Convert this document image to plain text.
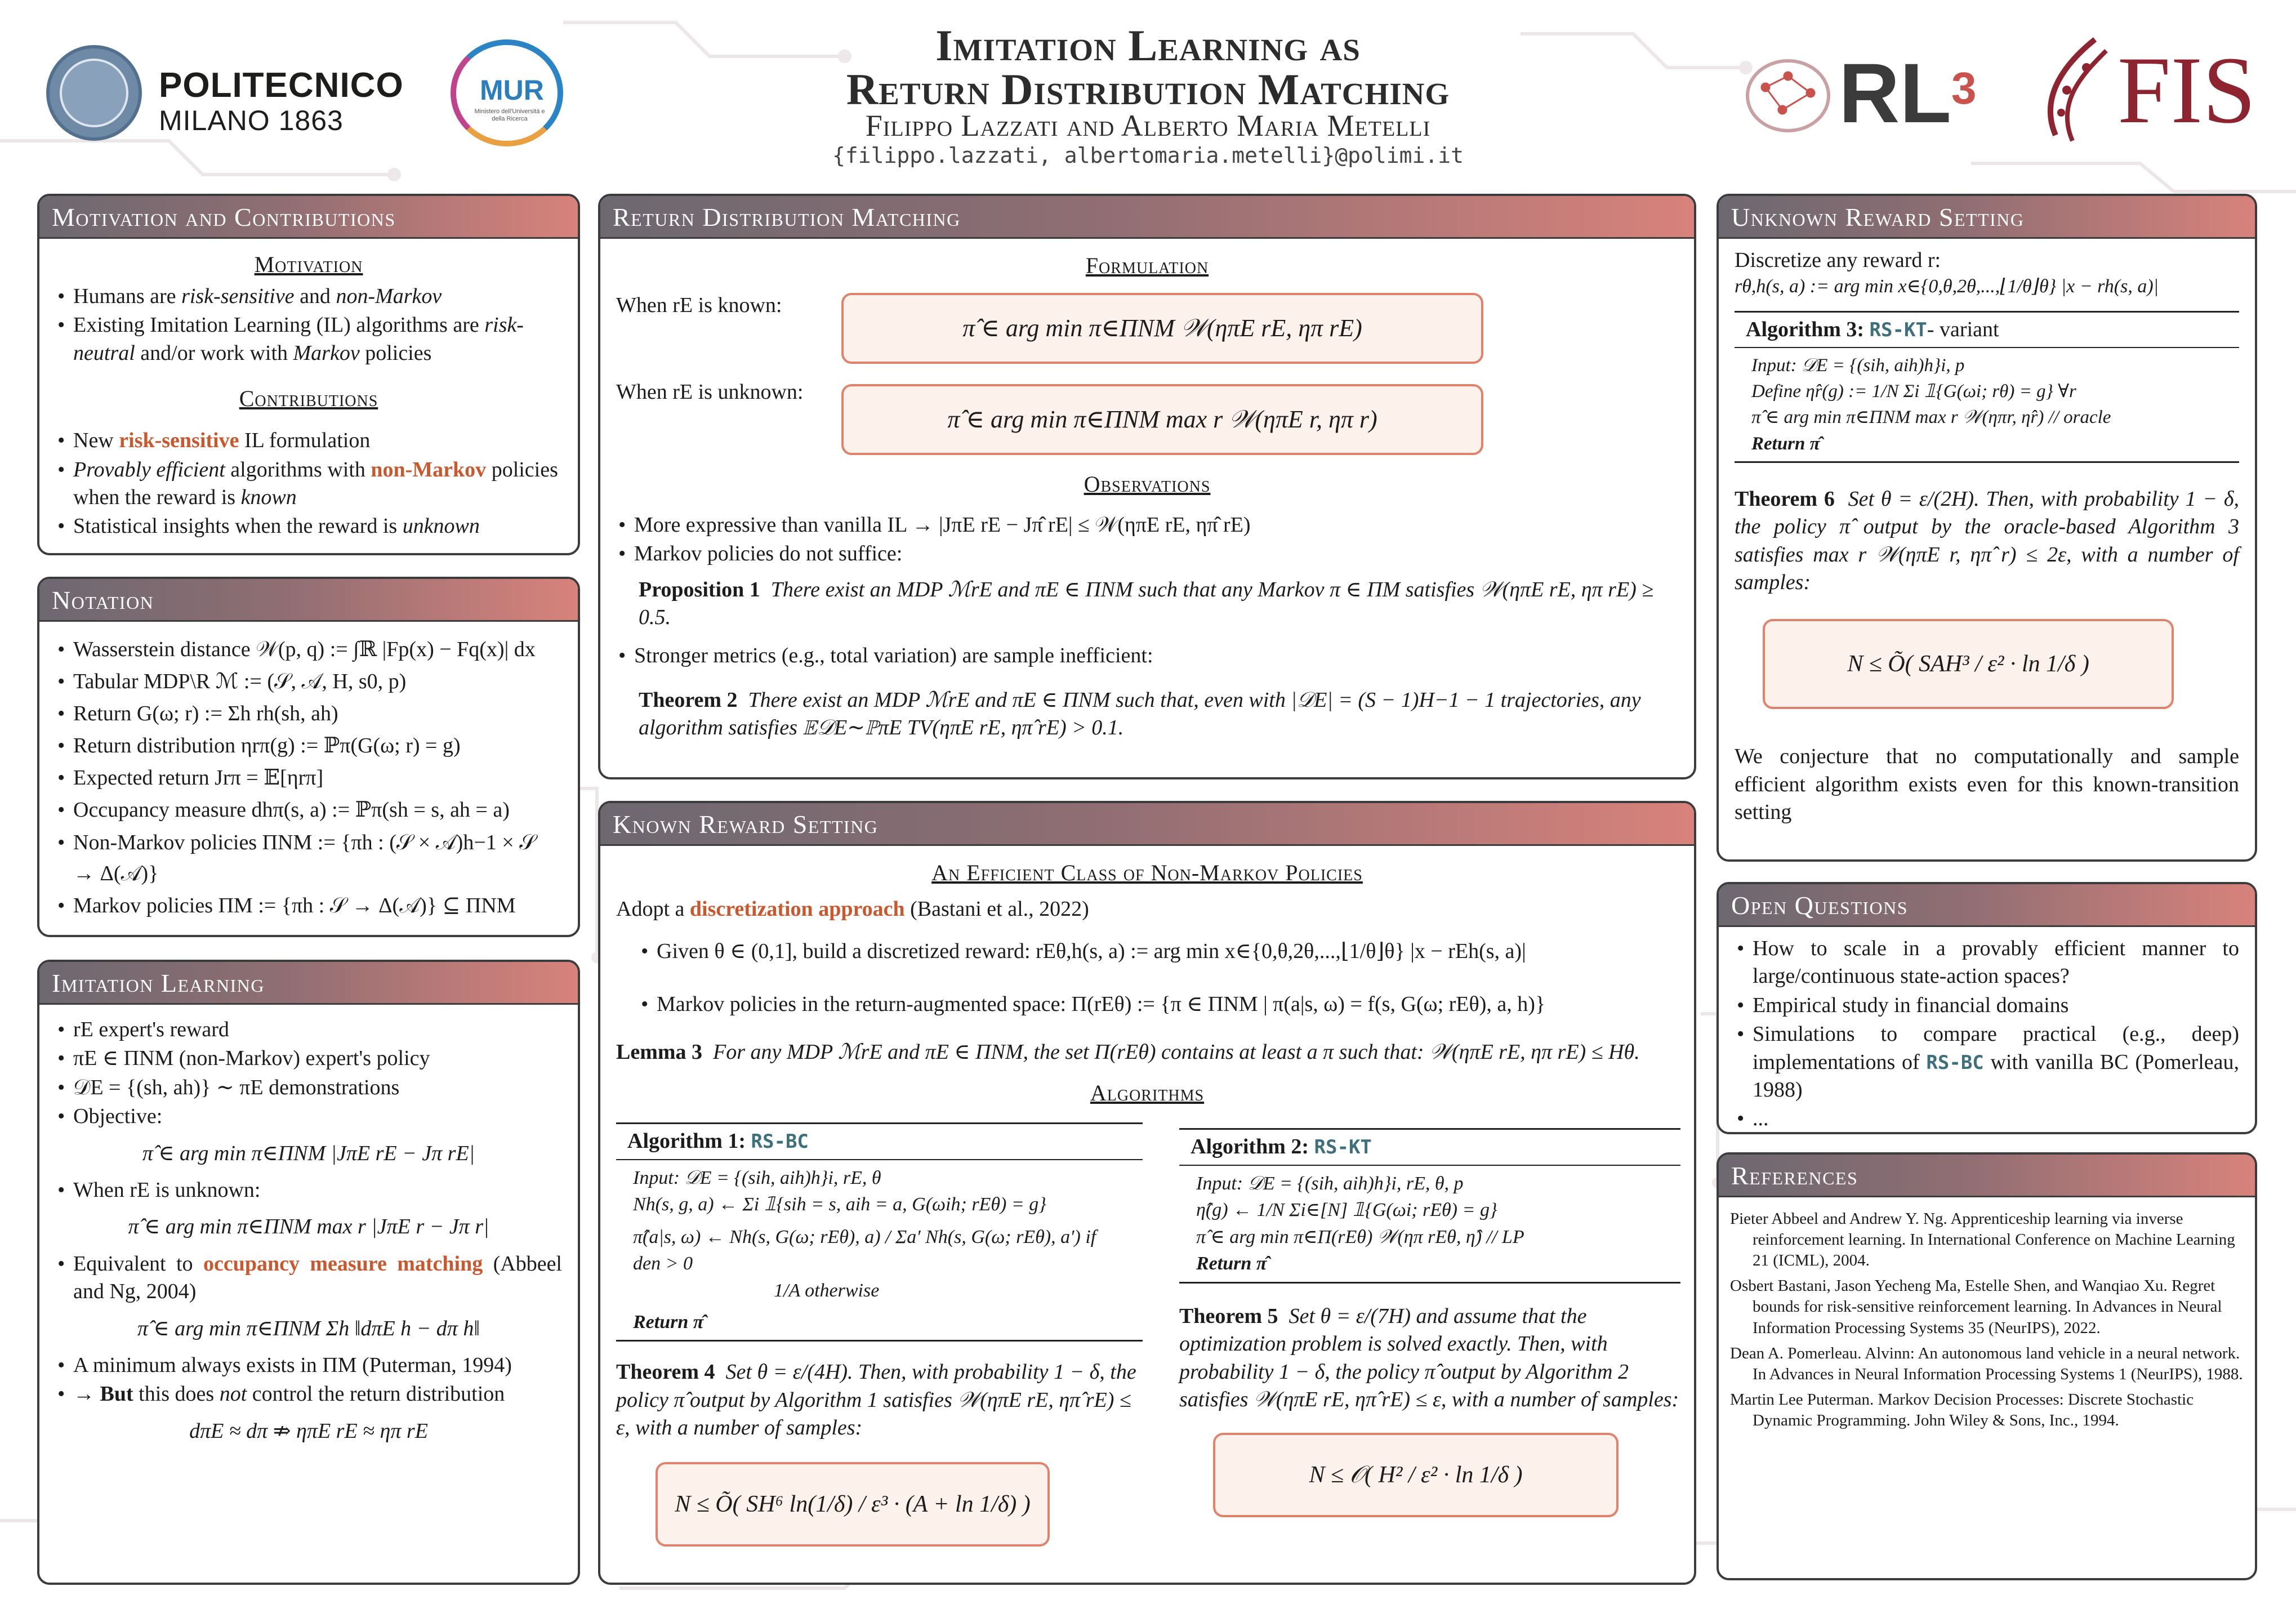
POLITECNICO
MILANO 1863
MUR
Ministero dell'Università e della Ricerca
Imitation Learning as
Return Distribution Matching
Filippo Lazzati and Alberto Maria Metelli
{filippo.lazzati, albertomaria.metelli}@polimi.it
$RL^3$ FIS
Motivation and Contributions
Motivation
• Humans are risk-sensitive and non-Markov
• Existing Imitation Learning (IL) algorithms are risk-neutral and/or work with Markov policies
Contributions
• New risk-sensitive IL formulation
• Provably efficient algorithms with non-Markov policies when the reward is known
• Statistical insights when the reward is unknown
Notation
• Wasserstein distance 𝒲(p, q) := ∫ℝ |Fp(x) − Fq(x)| dx
• Tabular MDP\R ℳ := (𝒮, 𝒜, H, s0, p)
• Return G(ω; r) := Σh rh(sh, ah)
• Return distribution ηrπ(g) := ℙπ(G(ω; r) = g)
• Expected return Jrπ = 𝔼[ηrπ]
• Occupancy measure dhπ(s, a) := ℙπ(sh = s, ah = a)
• Non-Markov policies ΠNM := {πh : (𝒮 × 𝒜)h−1 × 𝒮 → Δ(𝒜)}
• Markov policies ΠM := {πh : 𝒮 → Δ(𝒜)} ⊆ ΠNM
Imitation Learning
• rE expert's reward
• πE ∈ ΠNM (non-Markov) expert's policy
• 𝒟E = {(sh, ah)} ∼ πE demonstrations
• Objective:
π̂ ∈ arg min π∈ΠNM |JπE rE − Jπ rE|
• When rE is unknown:
π̂ ∈ arg min π∈ΠNM max r |JπE r − Jπ r|
• Equivalent to occupancy measure matching (Abbeel and Ng, 2004)
π̂ ∈ arg min π∈ΠNM Σh ‖dπE h − dπ h‖
• A minimum always exists in ΠM (Puterman, 1994)
• → But this does not control the return distribution
dπE ≈ dπ ⇏ ηπE rE ≈ ηπ rE
Return Distribution Matching
Formulation
When rE is known:
π̂ ∈ arg min π∈ΠNM 𝒲(ηπE rE, ηπ rE)
When rE is unknown:
π̂ ∈ arg min π∈ΠNM max r 𝒲(ηπE r, ηπ r)
Observations
• More expressive than vanilla IL → |JπE rE − Jπ̂ rE| ≤ 𝒲(ηπE rE, ηπ̂ rE)
• Markov policies do not suffice:
Proposition 1 There exist an MDP ℳrE and πE ∈ ΠNM such that any Markov π ∈ ΠM satisfies 𝒲(ηπE rE, ηπ rE) ≥ 0.5.
• Stronger metrics (e.g., total variation) are sample inefficient:
Theorem 2 There exist an MDP ℳrE and πE ∈ ΠNM such that, even with |𝒟E| = (S − 1)H−1 − 1 trajectories, any algorithm satisfies 𝔼𝒟E∼ℙπE TV(ηπE rE, ηπ̂ rE) > 0.1.
Known Reward Setting
An Efficient Class of Non-Markov Policies
Adopt a discretization approach (Bastani et al., 2022)
• Given θ ∈ (0,1], build a discretized reward: rEθ,h(s, a) := arg min x∈{0,θ,2θ,...,⌊1/θ⌋θ} |x − rEh(s, a)|
• Markov policies in the return-augmented space: Π(rEθ) := {π ∈ ΠNM | π(a|s, ω) = f(s, G(ω; rEθ), a, h)}
Lemma 3 For any MDP ℳrE and πE ∈ ΠNM, the set Π(rEθ) contains at least a π such that: 𝒲(ηπE rE, ηπ rE) ≤ Hθ.
Algorithms
Algorithm 1: RS-BC
Input: 𝒟E = {(sih, aih)h}i, rE, θ
Nh(s, g, a) ← Σi 𝟙{sih = s, aih = a, G(ωih; rEθ) = g}
π̂(a|s, ω) ← Nh(s, G(ω; rEθ), a) / Σa′ Nh(s, G(ω; rEθ), a′) if den > 0
1/A otherwise
Return π̂
Theorem 4 Set θ = ε/(4H). Then, with probability 1 − δ, the policy π̂ output by Algorithm 1 satisfies 𝒲(ηπE rE, ηπ̂ rE) ≤ ε, with a number of samples:
N ≤ Õ( SH⁶ ln(1/δ) / ε³ · (A + ln 1/δ) )
Algorithm 2: RS-KT
Input: 𝒟E = {(sih, aih)h}i, rE, θ, p
η̂(g) ← 1/N Σi∈[N] 𝟙{G(ωi; rEθ) = g}
π̂ ∈ arg min π∈Π(rEθ) 𝒲(ηπ rEθ, η̂) // LP
Return π̂
Theorem 5 Set θ = ε/(7H) and assume that the optimization problem is solved exactly. Then, with probability 1 − δ, the policy π̂ output by Algorithm 2 satisfies 𝒲(ηπE rE, ηπ̂ rE) ≤ ε, with a number of samples:
N ≤ 𝒪( H² / ε² · ln 1/δ )
Unknown Reward Setting
Discretize any reward r:
rθ,h(s, a) := arg min x∈{0,θ,2θ,...,⌊1/θ⌋θ} |x − rh(s, a)|
Algorithm 3: RS-KT- variant
Input: 𝒟E = {(sih, aih)h}i, p
Define η̂r(g) := 1/N Σi 𝟙{G(ωi; rθ) = g} ∀r
π̂ ∈ arg min π∈ΠNM max r 𝒲(ηπr, η̂r) // oracle
Return π̂
Theorem 6 Set θ = ε/(2H). Then, with probability 1 − δ, the policy π̂ output by the oracle-based Algorithm 3 satisfies max r 𝒲(ηπE r, ηπ̂ r) ≤ 2ε, with a number of samples:
N ≤ Õ( SAH³ / ε² · ln 1/δ )
We conjecture that no computationally and sample efficient algorithm exists even for this known-transition setting
Open Questions
• How to scale in a provably efficient manner to large/continuous state-action spaces?
• Empirical study in financial domains
• Simulations to compare practical (e.g., deep) implementations of RS-BC with vanilla BC (Pomerleau, 1988)
• ...
References
Pieter Abbeel and Andrew Y. Ng. Apprenticeship learning via inverse reinforcement learning. In International Conference on Machine Learning 21 (ICML), 2004.
Osbert Bastani, Jason Yecheng Ma, Estelle Shen, and Wanqiao Xu. Regret bounds for risk-sensitive reinforcement learning. In Advances in Neural Information Processing Systems 35 (NeurIPS), 2022.
Dean A. Pomerleau. Alvinn: An autonomous land vehicle in a neural network. In Advances in Neural Information Processing Systems 1 (NeurIPS), 1988.
Martin Lee Puterman. Markov Decision Processes: Discrete Stochastic Dynamic Programming. John Wiley & Sons, Inc., 1994.
